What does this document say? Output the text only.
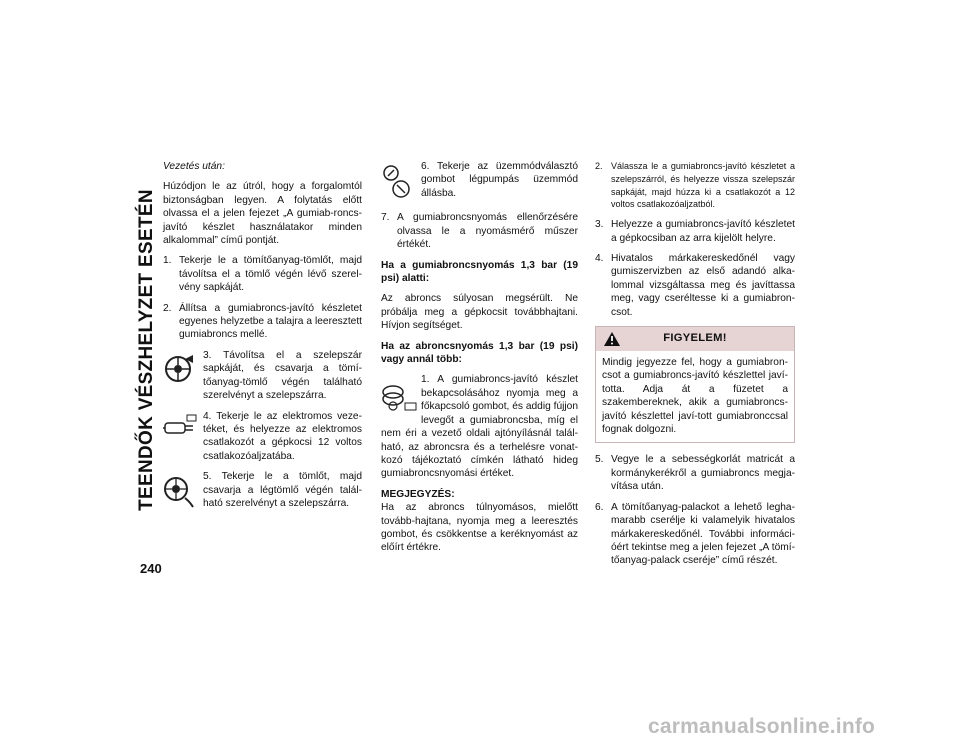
TEENDŐK VÉSZHELYZET ESETÉN
240

Vezetés után:

Húzódjon le az útról, hogy a forgalomtól biztonságban legyen. A folytatás előtt olvassa el a jelen fejezet „A gumiab-roncs-javító készlet használatakor minden alkalommal” című pontját.

1. Tekerje le a tömítőanyag-tömlőt, majd távolítsa el a tömlő végén lévő szerel-vény sapkáját.
2. Állítsa a gumiabroncs-javító készletet egyenes helyzetbe a talajra a leeresztett gumiabroncs mellé.
3. Távolítsa el a szelepszár sapkáját, és csavarja a tömí-tőanyag-tömlő végén található szerelvényt a szelepszárra.
4. Tekerje le az elektromos veze-téket, és helyezze az elektromos csatlakozót a gépkocsi 12 voltos csatlakozóaljzatába.
5. Tekerje le a tömlőt, majd csavarja a légtömlő végén talál-ható szerelvényt a szelepszárra.
6. Tekerje az üzemmódválasztó gombot légpumpás üzemmód állásba.
7. A gumiabroncsnyomás ellenőrzésére olvassa le a nyomásmérő műszer értékét.

Ha a gumiabroncsnyomás 1,3 bar (19 psi) alatti:

Az abroncs súlyosan megsérült. Ne próbálja meg a gépkocsit továbbhajtani. Hívjon segítséget.

Ha az abroncsnyomás 1,3 bar (19 psi) vagy annál több:

1. A gumiabroncs-javító készlet bekapcsolásához nyomja meg a főkapcsoló gombot, és addig fújjon levegőt a gumiabroncsba, míg el nem éri a vezető oldali ajtónyílásnál talál-ható, az abroncsra és a terhelésre vonat-kozó tájékoztató címkén látható hideg gumiabroncsnyomási értéket.

MEGJEGYZÉS:

Ha az abroncs túlnyomásos, mielőtt tovább-hajtana, nyomja meg a leeresztés gombot, és csökkentse a keréknyomást az előírt értékre.

2. Válassza le a gumiabroncs-javító készletet a szelepszárról, és helyezze vissza szelepszár sapkáját, majd húzza ki a csatlakozót a 12 voltos csatlakozóaljzatból.
3. Helyezze a gumiabroncs-javító készletet a gépkocsiban az arra kijelölt helyre.
4. Hivatalos márkakereskedőnél vagy gumiszervizben az első adandó alka-lommal vizsgáltassa meg és javíttassa meg, vagy cseréltesse ki a gumiabron-csot.
FIGYELEM!
Mindig jegyezze fel, hogy a gumiabron-csot a gumiabroncs-javító készlettel javí-totta. Adja át a füzetet a szakembereknek, akik a gumiabroncs-javító készlettel javí-tott gumiabronccsal fognak dolgozni.
5. Vegye le a sebességkorlát matricát a kormánykerékről a gumiabroncs megja-vítása után.
6. A tömítőanyag-palackot a lehető legha-marabb cserélje ki valamelyik hivatalos márkakereskedőnél. További informáci-óért tekintse meg a jelen fejezet „A tömí-tőanyag-palack cseréje” című részét.
carmanualsonline.info
